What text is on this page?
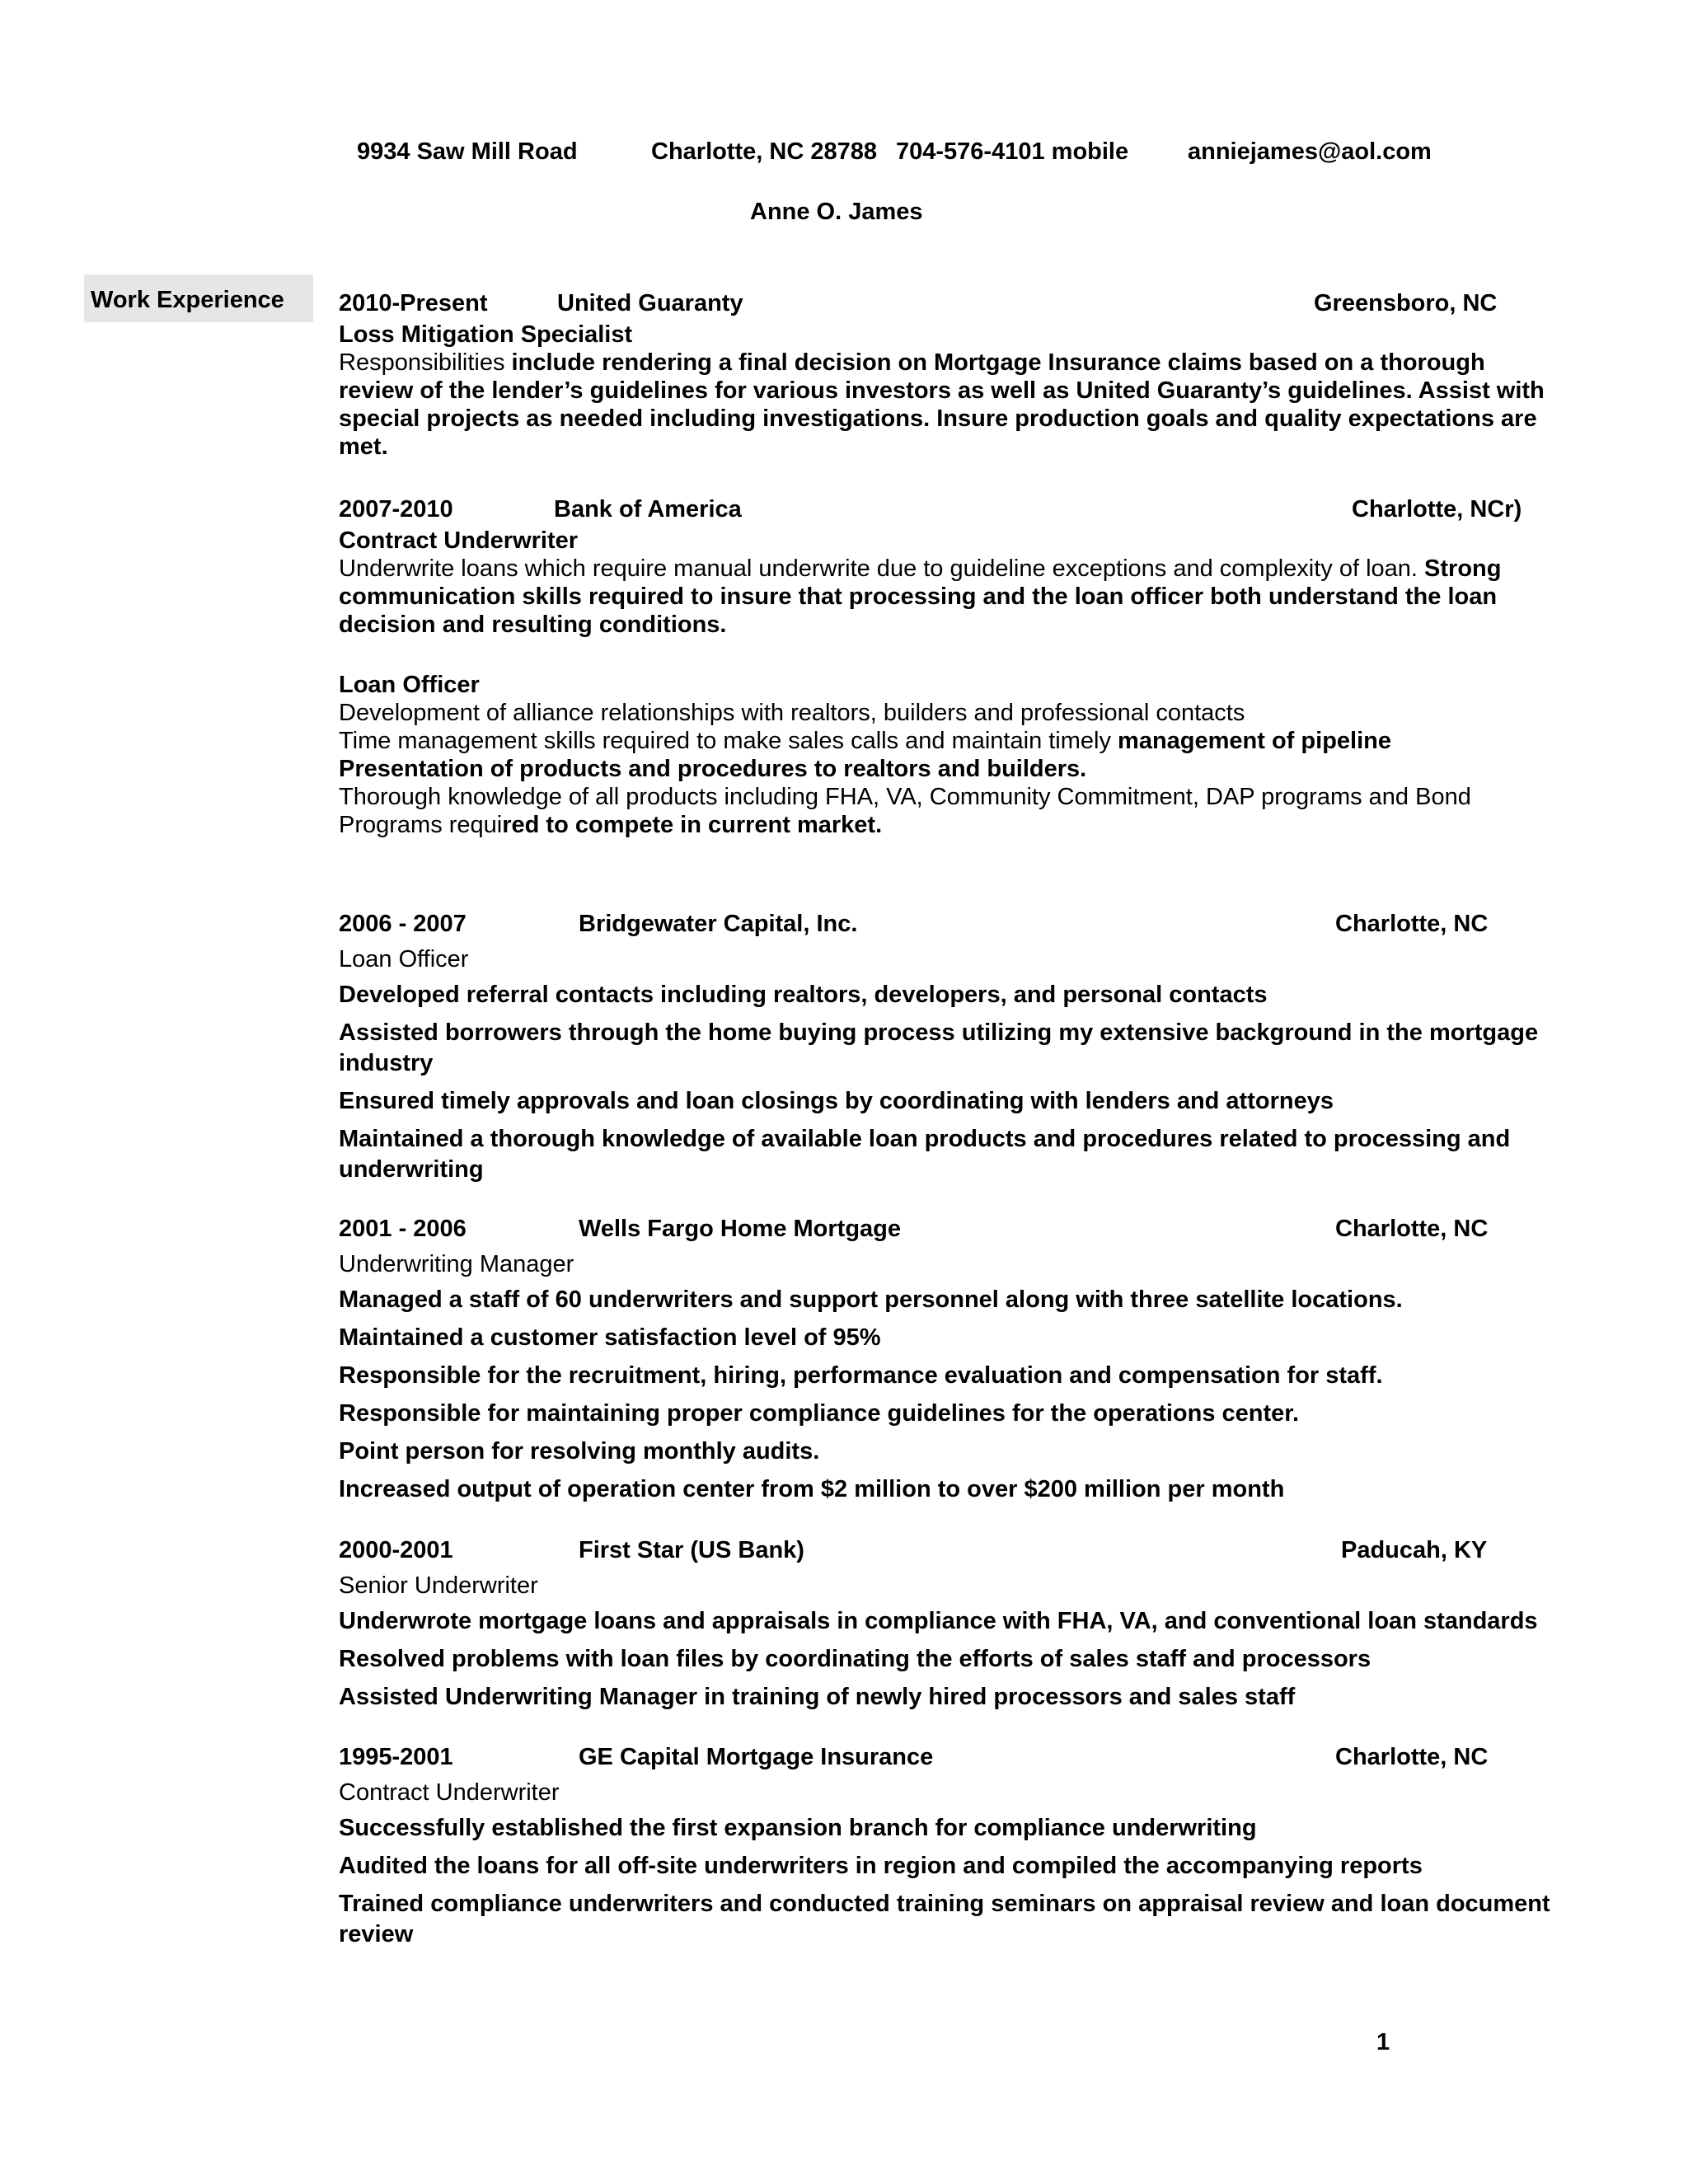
9934 Saw Mill Road	Charlotte, NC 28788 704-576-4101 mobile anniejames@aol.com
Anne O. James
Work Experience	2010-Present	United Guaranty	Greensboro, NC

Loss Mitigation Specialist

Responsibilities include rendering a final decision on Mortgage Insurance claims based on a thorough

review of the lender’s guidelines for various investors as well as United Guaranty’s guidelines. Assist with

special projects as needed including investigations. Insure production goals and quality expectations are

met.

2007-2010	Bank of America	Charlotte, NCr)

Contract Underwriter

Underwrite loans which require manual underwrite due to guideline exceptions and complexity of loan. Strong

communication skills required to insure that processing and the loan officer both understand the loan

decision and resulting conditions.

Loan Officer

Development of alliance relationships with realtors, builders and professional contacts

Time management skills required to make sales calls and maintain timely management of pipeline

Presentation of products and procedures to realtors and builders.

Thorough knowledge of all products including FHA, VA, Community Commitment, DAP programs and Bond

Programs required to compete in current market.

2006 - 2007	Bridgewater Capital, Inc.	Charlotte, NC
Loan Officer
Developed referral contacts including realtors, developers, and personal contacts
Assisted borrowers through the home buying process utilizing my extensive background in the mortgage
industry
Ensured timely approvals and loan closings by coordinating with lenders and attorneys
Maintained a thorough knowledge of available loan products and procedures related to processing and
underwriting
2001 - 2006	Wells Fargo Home Mortgage	Charlotte, NC
Underwriting Manager
Managed a staff of 60 underwriters and support personnel along with three satellite locations.
Maintained a customer satisfaction level of 95%
Responsible for the recruitment, hiring, performance evaluation and compensation for staff.
Responsible for maintaining proper compliance guidelines for the operations center.
Point person for resolving monthly audits.
Increased output of operation center from $2 million to over $200 million per month
2000-2001	First Star (US Bank)	Paducah, KY
Senior Underwriter
Underwrote mortgage loans and appraisals in compliance with FHA, VA, and conventional loan standards
Resolved problems with loan files by coordinating the efforts of sales staff and processors
Assisted Underwriting Manager in training of newly hired processors and sales staff
1995-2001	GE Capital Mortgage Insurance	Charlotte, NC
Contract Underwriter
Successfully established the first expansion branch for compliance underwriting
Audited the loans for all off-site underwriters in region and compiled the accompanying reports
Trained compliance underwriters and conducted training seminars on appraisal review and loan document
review
1
